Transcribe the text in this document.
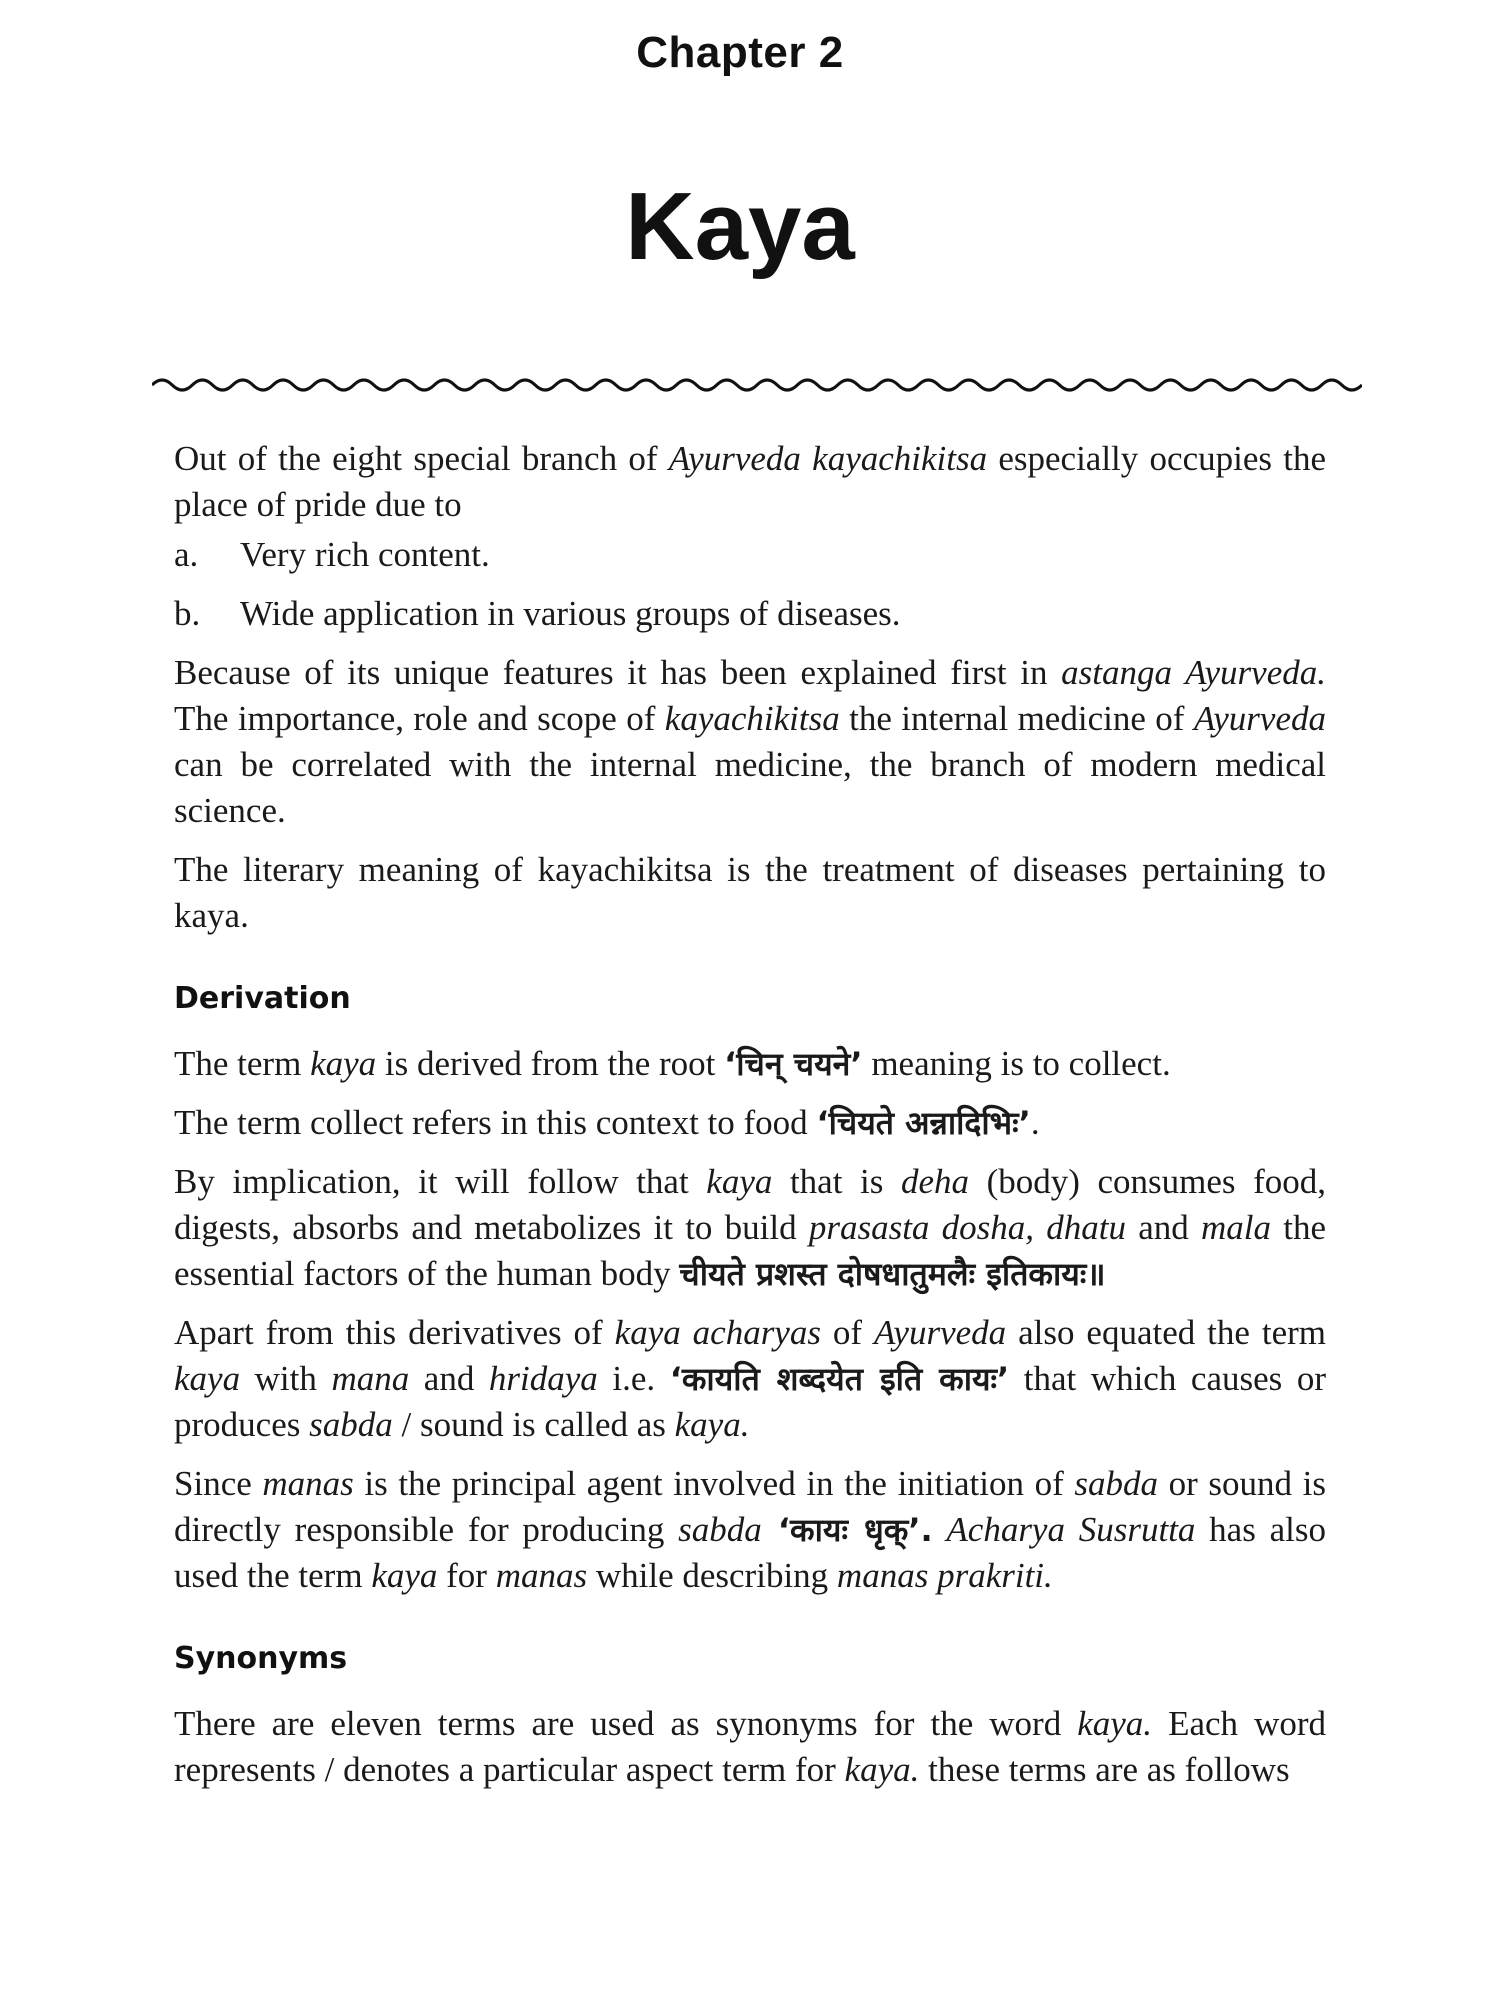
Chapter 2
Kaya

Out of the eight special branch of Ayurveda kayachikitsa especially occupies the place of pride due to

a.	Very rich content.
b.	Wide application in various groups of diseases.

Because of its unique features it has been explained first in astanga Ayurveda. The importance, role and scope of kayachikitsa the internal medicine of Ayurveda can be correlated with the internal medicine, the branch of modern medical science.

The literary meaning of kayachikitsa is the treatment of diseases pertaining to kaya.

Derivation

The term kaya is derived from the root ‘चिन् चयने’ meaning is to collect.

The term collect refers in this context to food ‘चियते अन्नादिभिः’.

By implication, it will follow that kaya that is deha (body) consumes food, digests, absorbs and metabolizes it to build prasasta dosha, dhatu and mala the essential factors of the human body चीयते प्रशस्त दोषधातुमलैः इतिकायः॥

Apart from this derivatives of kaya acharyas of Ayurveda also equated the term kaya with mana and hridaya i.e. ‘कायति शब्दयेत इति कायः’ that which causes or produces sabda / sound is called as kaya.

Since manas is the principal agent involved in the initiation of sabda or sound is directly responsible for producing sabda ‘कायः धृक्’. Acharya Susrutta has also used the term kaya for manas while describing manas prakriti.

Synonyms

There are eleven terms are used as synonyms for the word kaya. Each word represents / denotes a particular aspect term for kaya. these terms are as follows
